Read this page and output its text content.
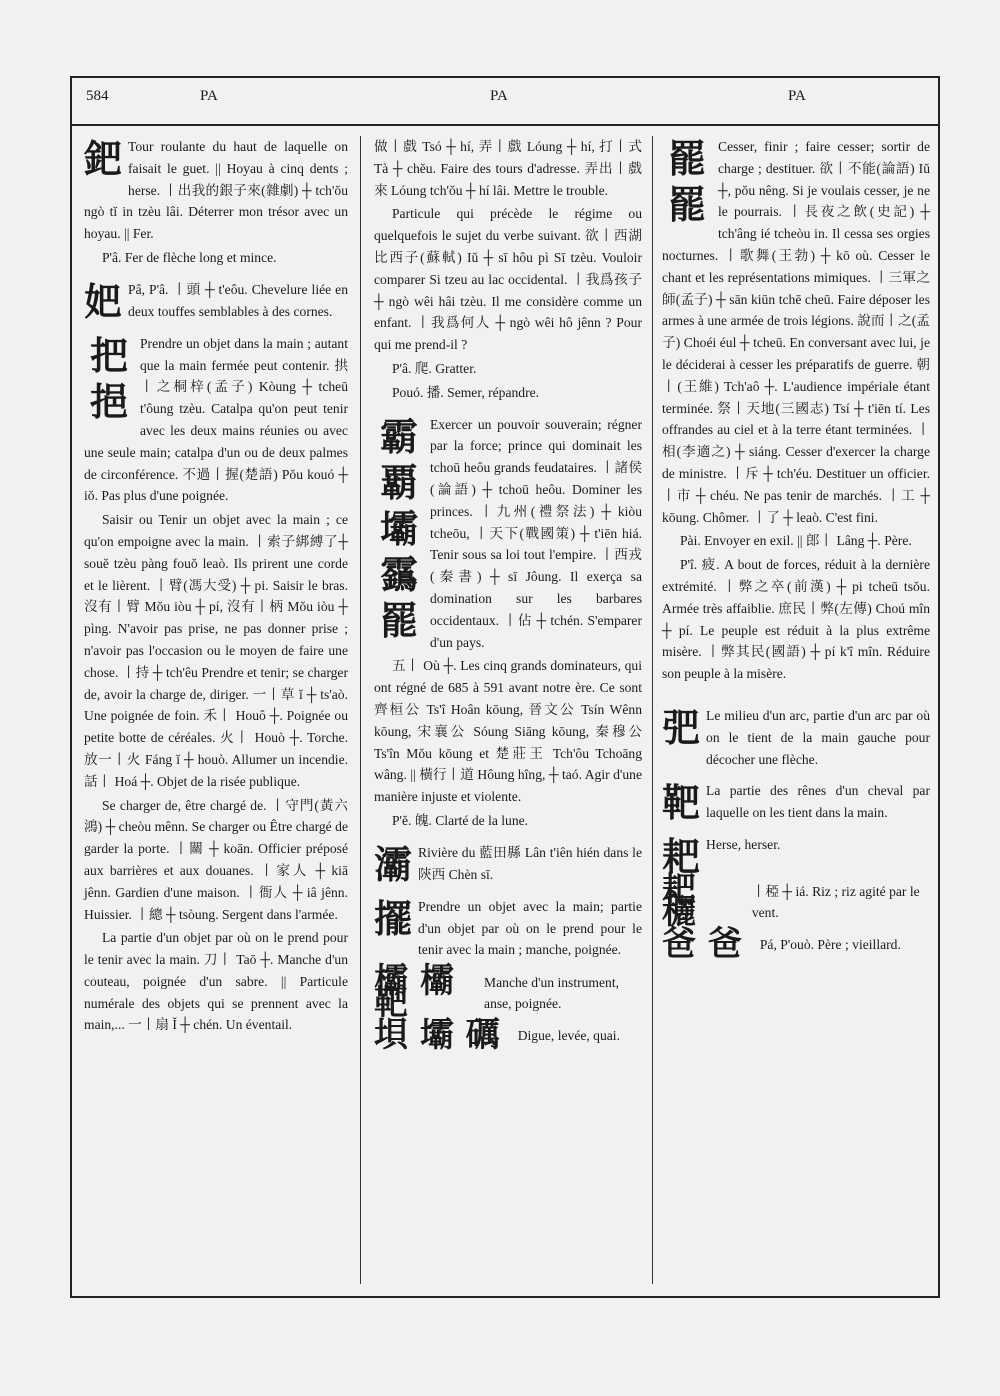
584	PA	PA	PA
鈀 Tour roulante du haut de laquelle on faisait le guet. || Hoyau à cinq dents ; herse. 丨出我的銀子來(雜劇) ┼ tch'ŏu ngò tĭ in tzèu lâi. Déterrer mon trésor avec un hoyau. || Fer.

P'â. Fer de flèche long et mince.

妑 Pâ, P'â. 丨頭 ┼ t'eôu. Chevelure liée en deux touffes semblables à des cornes.

把
挹

Prendre un objet dans la main ; autant que la main fermée peut contenir. 拱丨之桐梓(孟子) Kòung ┼ tcheū t'ôung tzèu. Catalpa qu'on peut tenir avec les deux mains réunies ou avec une seule main; catalpa d'un ou de deux palmes de circonférence. 不過丨握(楚語) Pŏu kouó ┼ iŏ. Pas plus d'une poignée.

Saisir ou Tenir un objet avec la main ; ce qu'on empoigne avec la main. 丨索子綁縛了┼ souĕ tzèu pàng fouŏ leaò. Ils prirent une corde et le lièrent. 丨臂(馮大受) ┼ pi. Saisir le bras. 沒有丨臂 Mŏu iòu ┼ pí, 沒有丨柄 Mŏu iòu ┼ pìng. N'avoir pas prise, ne pas donner prise ; n'avoir pas l'occasion ou le moyen de faire une chose. 丨持 ┼ tch'êu Prendre et tenir; se charger de, avoir la charge de, diriger. 一丨草 ĭ ┼ ts'aò. Une poignée de foin. 禾丨 Houô ┼. Poignée ou petite botte de céréales. 火丨 Houò ┼. Torche. 放一丨火 Fáng ĭ ┼ houò. Allumer un incendie. 話丨 Hoá ┼. Objet de la risée publique.

Se charger de, être chargé de. 丨守門(黃六鴻) ┼ cheòu mênn. Se charger ou Être chargé de garder la porte. 丨關 ┼ koān. Officier préposé aux barrières et aux douanes. 丨家人 ┼ kiā jênn. Gardien d'une maison. 丨衙人 ┼ iâ jênn. Huissier. 丨總 ┼ tsòung. Sergent dans l'armée.

La partie d'un objet par où on le prend pour le tenir avec la main. 刀丨 Taō ┼. Manche d'un couteau, poignée d'un sabre. || Particule numérale des objets qui se prennent avec la main,... 一丨扇 Ĭ ┼ chén. Un éventail.

做丨戲 Tsó ┼ hí, 弄丨戲 Lóung ┼ hí, 打丨式 Tà ┼ chĕu. Faire des tours d'adresse. 弄出丨戲來 Lóung tch'ŏu ┼ hí lâi. Mettre le trouble.

Particule qui précède le régime ou quelquefois le sujet du verbe suivant. 欲丨西湖比西子(蘇軾) Iŭ ┼ sī hôu pì Sī tzèu. Vouloir comparer Si tzeu au lac occidental. 丨我爲孩子 ┼ ngò wêi hâi tzèu. Il me considère comme un enfant. 丨我爲何人 ┼ ngò wêi hô jênn ? Pour qui me prend-il ?

P'â. 爬. Gratter.

Pouó. 播. Semer, répandre.

霸
覇
壩
靎
罷

Exercer un pouvoir souverain; régner par la force; prince qui dominait les tchoū heôu grands feudataires. 丨諸侯(論語) ┼ tchoū heôu. Dominer les princes. 丨九州(禮祭法) ┼ kiòu tcheōu, 丨天下(戰國策) ┼ t'iēn hiá. Tenir sous sa loi tout l'empire. 丨西戎(秦書) ┼ sī Jôung. Il exerça sa domination sur les barbares occidentaux. 丨佔 ┼ tchén. S'emparer d'un pays.

五丨 Où ┼. Les cinq grands dominateurs, qui ont régné de 685 à 591 avant notre ère. Ce sont 齊桓公 Ts'î Hoân kōung, 晉文公 Tsín Wênn kōung, 宋襄公 Sóung Siāng kōung, 秦穆公 Ts'în Mŏu kōung et 楚莊王 Tch'ôu Tchoāng wâng. || 橫行丨道 Hôung hîng, ┼ taó. Agir d'une manière injuste et violente.

P'ĕ. 魄. Clarté de la lune.

灞 Rivière du 藍田縣 Lân t'iên hién dans le 陝西 Chèn sī.

擺 Prendre un objet avec la main; partie d'un objet par où on le prend pour le tenir avec la main ; manche, poignée.

欛 欛 靶
Manche d'un instrument, anse, poignée.
垻 壩 礪 Digue, levée, quai.
罷
罷

Cesser, finir ; faire cesser; sortir de charge ; destituer. 欲丨不能(論語) Iŭ ┼, pŏu nêng. Si je voulais cesser, je ne le pourrais. 丨長夜之飲(史記) ┼ tch'âng ié tcheòu in. Il cessa ses orgies nocturnes. 丨歌舞(王勃) ┼ kō où. Cesser le chant et les représentations mimiques. 丨三軍之師(孟子) ┼ sān kiūn tchē cheū. Faire déposer les armes à une armée de trois légions. 說而丨之(孟子) Choéi éul ┼ tcheū. En conversant avec lui, je le déciderai à cesser les préparatifs de guerre. 朝丨(王維) Tch'aô ┼. L'audience impériale étant terminée. 祭丨天地(三國志) Tsí ┼ t'iēn tí. Les offrandes au ciel et à la terre étant terminées. 丨相(李適之) ┼ siáng. Cesser d'exercer la charge de ministre. 丨斥 ┼ tch'éu. Destituer un officier. 丨市 ┼ chéu. Ne pas tenir de marchés. 丨工 ┼ kōung. Chômer. 丨了 ┼ leaò. C'est fini.

Pài. Envoyer en exil. || 郎丨 Lâng ┼. Père.

P'î. 疲. A bout de forces, réduit à la dernière extrémité. 丨弊之卒(前漢) ┼ pi tcheū tsŏu. Armée très affaiblie. 庶民丨弊(左傳) Choú mîn ┼ pí. Le peuple est réduit à la plus extrême misère. 丨弊其民(國語) ┼ pí k'î mîn. Réduire son peuple à la misère.

弝 Le milieu d'un arc, partie d'un arc par où on le tient de la main gauche pour décocher une flèche.

靶 La partie des rênes d'un cheval par laquelle on les tient dans la main.

耙 Herse, herser.

耙 穲
丨稏 ┼ iá. Riz ; riz agité par le vent.
爸 爸 Pá, P'ouò. Père ; vieillard.
